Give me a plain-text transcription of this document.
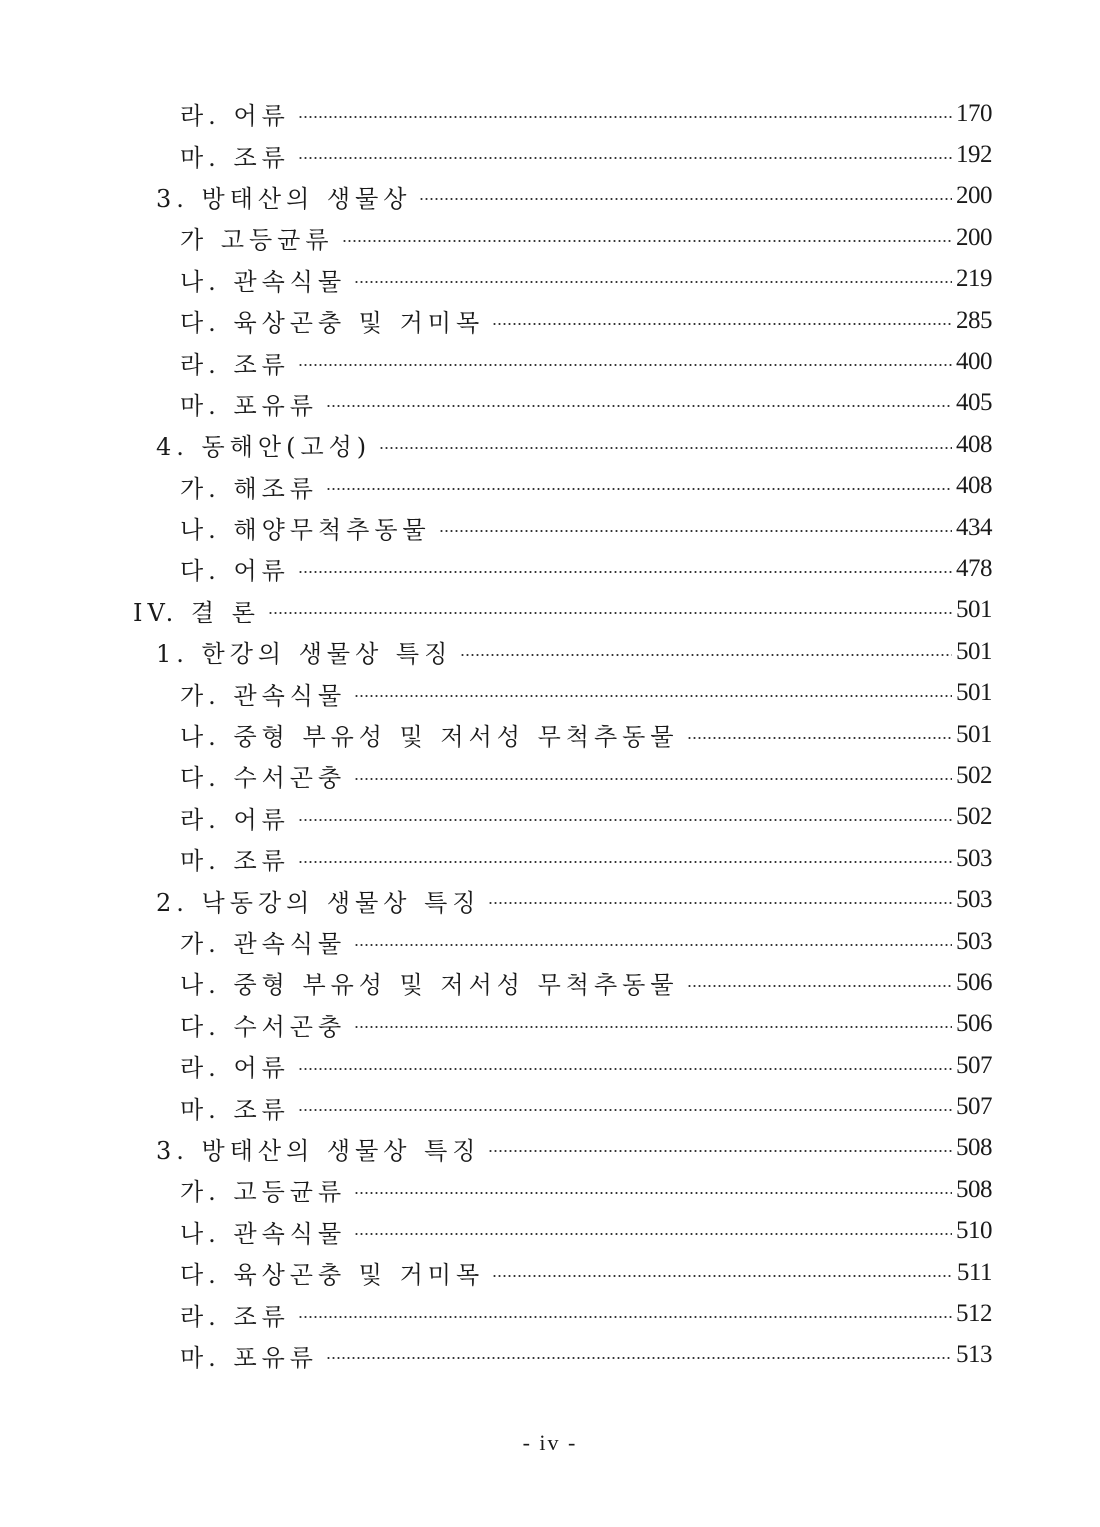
라. 어류	170
마. 조류	192
3. 방태산의 생물상	200
가 고등균류	200
나. 관속식물	219
다. 육상곤충 및 거미목	285
라. 조류	400
마. 포유류	405
4. 동해안(고성)	408
가. 해조류	408
나. 해양무척추동물	434
다. 어류	478
IV. 결 론	501
1. 한강의 생물상 특징	501
가. 관속식물	501
나. 중형 부유성 및 저서성 무척추동물	501
다. 수서곤충	502
라. 어류	502
마. 조류	503
2. 낙동강의 생물상 특징	503
가. 관속식물	503
나. 중형 부유성 및 저서성 무척추동물	506
다. 수서곤충	506
라. 어류	507
마. 조류	507
3. 방태산의 생물상 특징	508
가. 고등균류	508
나. 관속식물	510
다. 육상곤충 및 거미목	511
라. 조류	512
마. 포유류	513
- iv -
